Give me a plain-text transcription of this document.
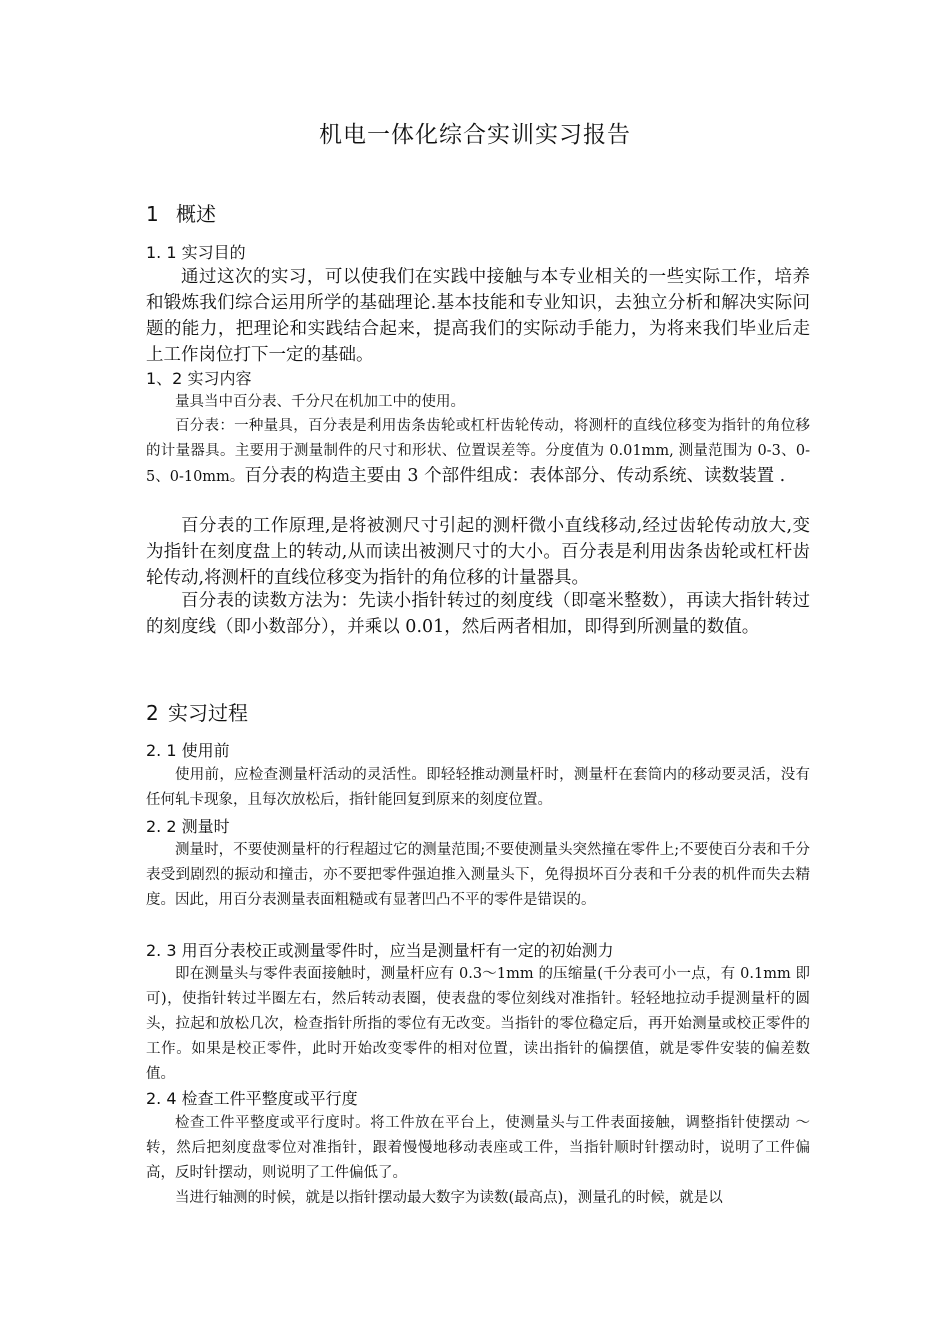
机电一体化综合实训实习报告
1 概述
1. 1 实习目的
通过这次的实习，可以使我们在实践中接触与本专业相关的一些实际工作，培养和锻炼我们综合运用所学的基础理论.基本技能和专业知识，去独立分析和解决实际问题的能力，把理论和实践结合起来，提高我们的实际动手能力，为将来我们毕业后走上工作岗位打下一定的基础。
1、2 实习内容
量具当中百分表、千分尺在机加工中的使用。
百分表：一种量具，百分表是利用齿条齿轮或杠杆齿轮传动，将测杆的直线位移变为指针的角位移的计量器具。主要用于测量制件的尺寸和形状、位置误差等。分度值为 0.01mm, 测量范围为 0-3、0-5、0-10mm。百分表的构造主要由 3 个部件组成：表体部分、传动系统、读数装置 .
百分表的工作原理,是将被测尺寸引起的测杆微小直线移动,经过齿轮传动放大,变为指针在刻度盘上的转动,从而读出被测尺寸的大小。百分表是利用齿条齿轮或杠杆齿轮传动,将测杆的直线位移变为指针的角位移的计量器具。
百分表的读数方法为：先读小指针转过的刻度线（即毫米整数），再读大指针转过的刻度线（即小数部分），并乘以 0.01，然后两者相加，即得到所测量的数值。
2 实习过程
2. 1 使用前
使用前，应检查测量杆活动的灵活性。即轻轻推动测量杆时，测量杆在套筒内的移动要灵活，没有任何轧卡现象，且每次放松后，指针能回复到原来的刻度位置。
2. 2 测量时
测量时，不要使测量杆的行程超过它的测量范围;不要使测量头突然撞在零件上;不要使百分表和千分表受到剧烈的振动和撞击，亦不要把零件强迫推入测量头下，免得损坏百分表和千分表的机件而失去精度。因此，用百分表测量表面粗糙或有显著凹凸不平的零件是错误的。
2. 3 用百分表校正或测量零件时，应当是测量杆有一定的初始测力
即在测量头与零件表面接触时，测量杆应有 0.3～1mm 的压缩量(千分表可小一点，有 0.1mm 即可)，使指针转过半圈左右，然后转动表圈，使表盘的零位刻线对准指针。轻轻地拉动手提测量杆的圆头，拉起和放松几次，检查指针所指的零位有无改变。当指针的零位稳定后，再开始测量或校正零件的工作。如果是校正零件，此时开始改变零件的相对位置，读出指针的偏摆值，就是零件安装的偏差数值。
2. 4 检查工件平整度或平行度
检查工件平整度或平行度时。将工件放在平台上，使测量头与工件表面接触，调整指针使摆动 ～转，然后把刻度盘零位对准指针，跟着慢慢地移动表座或工件，当指针顺时针摆动时，说明了工件偏高，反时针摆动，则说明了工件偏低了。
当进行轴测的时候，就是以指针摆动最大数字为读数(最高点)，测量孔的时候，就是以
